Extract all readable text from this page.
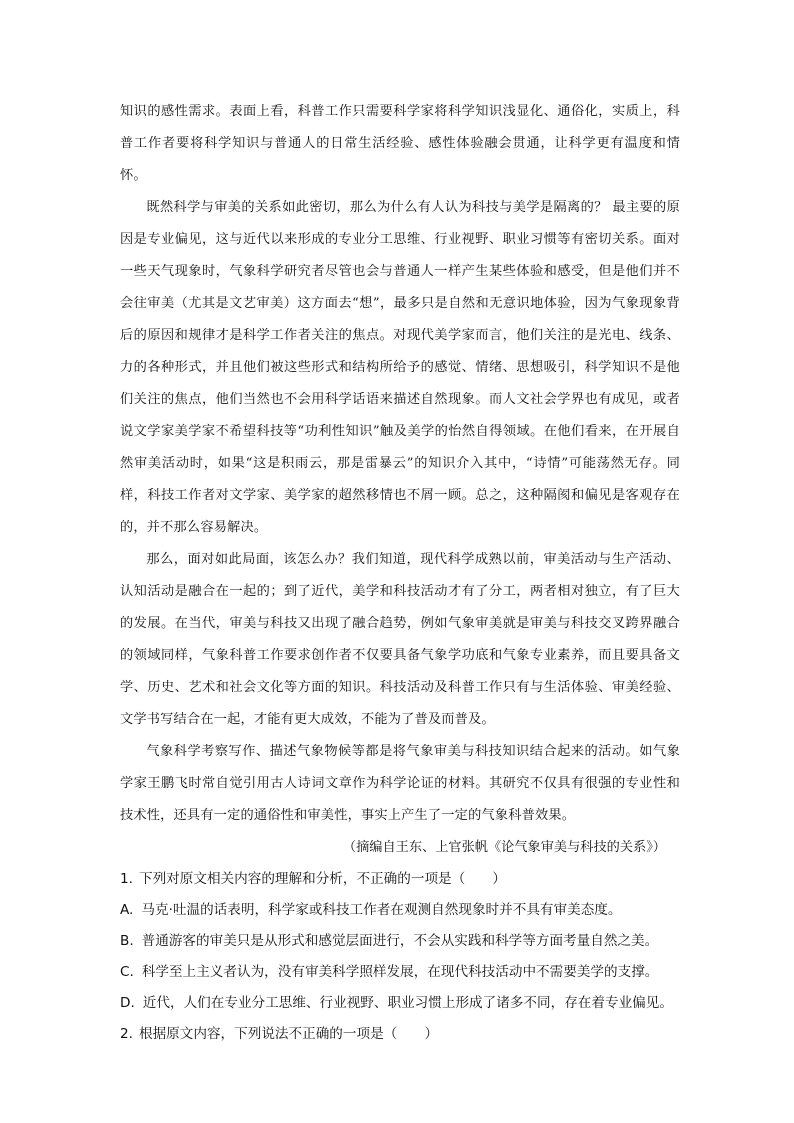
知识的感性需求。表面上看，科普工作只需要科学家将科学知识浅显化、通俗化，实质上，科普工作者要将科学知识与普通人的日常生活经验、感性体验融会贯通，让科学更有温度和情怀。

既然科学与审美的关系如此密切，那么为什么有人认为科技与美学是隔离的？ 最主要的原因是专业偏见，这与近代以来形成的专业分工思维、行业视野、职业习惯等有密切关系。面对一些天气现象时，气象科学研究者尽管也会与普通人一样产生某些体验和感受，但是他们并不会往审美（尤其是文艺审美）这方面去“想”，最多只是自然和无意识地体验，因为气象现象背后的原因和规律才是科学工作者关注的焦点。对现代美学家而言，他们关注的是光电、线条、力的各种形式，并且他们被这些形式和结构所给予的感觉、情绪、思想吸引，科学知识不是他们关注的焦点，他们当然也不会用科学话语来描述自然现象。而人文社会学界也有成见，或者说文学家美学家不希望科技等“功利性知识”触及美学的怡然自得领域。在他们看来，在开展自然审美活动时，如果“这是积雨云，那是雷暴云”的知识介入其中，“诗情”可能荡然无存。同样，科技工作者对文学家、美学家的超然移情也不屑一顾。总之，这种隔阂和偏见是客观存在的，并不那么容易解决。

那么，面对如此局面，该怎么办？我们知道，现代科学成熟以前，审美活动与生产活动、认知活动是融合在一起的；到了近代，美学和科技活动才有了分工，两者相对独立，有了巨大的发展。在当代，审美与科技又出现了融合趋势，例如气象审美就是审美与科技交叉跨界融合的领域同样，气象科普工作要求创作者不仅要具备气象学功底和气象专业素养，而且要具备文学、历史、艺术和社会文化等方面的知识。科技活动及科普工作只有与生活体验、审美经验、文学书写结合在一起，才能有更大成效，不能为了普及而普及。

气象科学考察写作、描述气象物候等都是将气象审美与科技知识结合起来的活动。如气象学家王鹏飞时常自觉引用古人诗词文章作为科学论证的材料。其研究不仅具有很强的专业性和技术性，还具有一定的通俗性和审美性，事实上产生了一定的气象科普效果。

（摘编自王东、上官张帆《论气象审美与科技的关系》）

1. 下列对原文相关内容的理解和分析，不正确的一项是（　　）

A. 马克·吐温的话表明，科学家或科技工作者在观测自然现象时并不具有审美态度。

B. 普通游客的审美只是从形式和感觉层面进行，不会从实践和科学等方面考量自然之美。

C. 科学至上主义者认为，没有审美科学照样发展，在现代科技活动中不需要美学的支撑。

D. 近代，人们在专业分工思维、行业视野、职业习惯上形成了诸多不同，存在着专业偏见。

2. 根据原文内容，下列说法不正确的一项是（　　）
